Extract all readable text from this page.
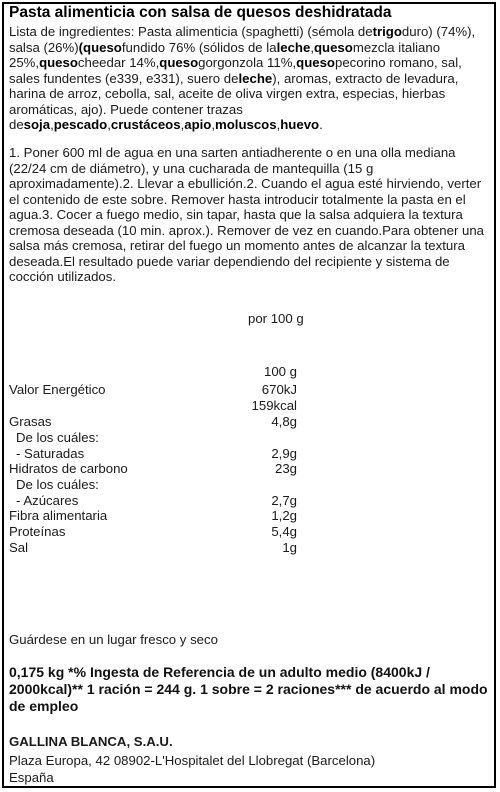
Pasta alimenticia con salsa de quesos deshidratada
Lista de ingredientes: Pasta alimenticia (spaghetti) (sémola detrigoduro) (74%), salsa (26%)(quesofundido 76% (sólidos de laleche,quesomezcla italiano 25%,quesocheedar 14%,quesogorgonzola 11%,quesopecorino romano, sal, sales fundentes (e339, e331), suero deleche), aromas, extracto de levadura, harina de arroz, cebolla, sal, aceite de oliva virgen extra, especias, hierbas aromáticas, ajo). Puede contener trazas desoja,pescado,crustáceos,apio,moluscos,huevo.
1. Poner 600 ml de agua en una sarten antiadherente o en una olla mediana (22/24 cm de diámetro), y una cucharada de mantequilla (15 g aproximadamente).2. Llevar a ebullición.2. Cuando el agua esté hirviendo, verter el contenido de este sobre. Remover hasta introducir totalmente la pasta en el agua.3. Cocer a fuego medio, sin tapar, hasta que la salsa adquiera la textura cremosa deseada (10 min. aprox.). Remover de vez en cuando.Para obtener una salsa más cremosa, retirar del fuego un momento antes de alcanzar la textura deseada.El resultado puede variar dependiendo del recipiente y sistema de cocción utilizados.
por 100 g
100 g
Valor Energético	670kJ
159kcal
Grasas	4,8g
De los cuáles:
- Saturadas	2,9g
Hidratos de carbono	23g
De los cuáles:
- Azúcares	2,7g
Fibra alimentaria	1,2g
Proteínas	5,4g
Sal	1g
Guárdese en un lugar fresco y seco
0,175 kg *% Ingesta de Referencia de un adulto medio (8400kJ / 2000kcal)** 1 ración = 244 g. 1 sobre = 2 raciones*** de acuerdo al modo de empleo
GALLINA BLANCA, S.A.U.
Plaza Europa, 42 08902-L'Hospitalet del Llobregat (Barcelona)
España
